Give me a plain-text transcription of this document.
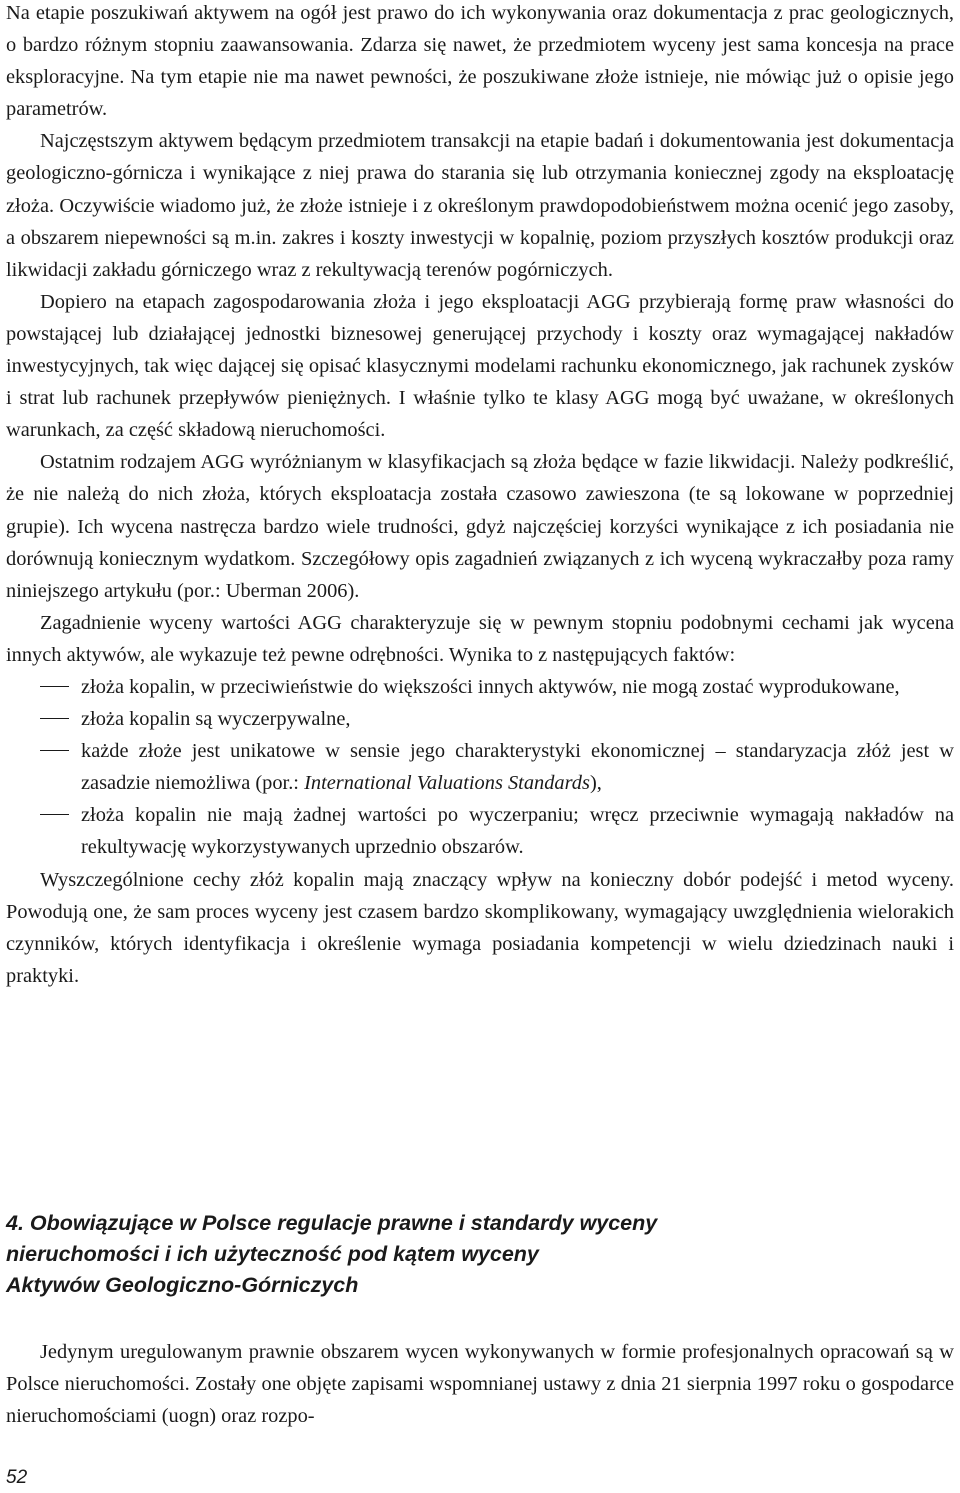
Na etapie poszukiwań aktywem na ogół jest prawo do ich wykonywania oraz dokumentacja z prac geologicznych, o bardzo różnym stopniu zaawansowania. Zdarza się nawet, że przedmiotem wyceny jest sama koncesja na prace eksploracyjne. Na tym etapie nie ma nawet pewności, że poszukiwane złoże istnieje, nie mówiąc już o opisie jego parametrów.

Najczęstszym aktywem będącym przedmiotem transakcji na etapie badań i dokumentowania jest dokumentacja geologiczno-górnicza i wynikające z niej prawa do starania się lub otrzymania koniecznej zgody na eksploatację złoża. Oczywiście wiadomo już, że złoże istnieje i z określonym prawdopodobieństwem można ocenić jego zasoby, a obszarem niepewności są m.in. zakres i koszty inwestycji w kopalnię, poziom przyszłych kosztów produkcji oraz likwidacji zakładu górniczego wraz z rekultywacją terenów pogórniczych.

Dopiero na etapach zagospodarowania złoża i jego eksploatacji AGG przybierają formę praw własności do powstającej lub działającej jednostki biznesowej generującej przychody i koszty oraz wymagającej nakładów inwestycyjnych, tak więc dającej się opisać klasycznymi modelami rachunku ekonomicznego, jak rachunek zysków i strat lub rachunek przepływów pieniężnych. I właśnie tylko te klasy AGG mogą być uważane, w określonych warunkach, za część składową nieruchomości.

Ostatnim rodzajem AGG wyróżnianym w klasyfikacjach są złoża będące w fazie likwidacji. Należy podkreślić, że nie należą do nich złoża, których eksploatacja została czasowo zawieszona (te są lokowane w poprzedniej grupie). Ich wycena nastręcza bardzo wiele trudności, gdyż najczęściej korzyści wynikające z ich posiadania nie dorównują koniecznym wydatkom. Szczegółowy opis zagadnień związanych z ich wyceną wykraczałby poza ramy niniejszego artykułu (por.: Uberman 2006).

Zagadnienie wyceny wartości AGG charakteryzuje się w pewnym stopniu podobnymi cechami jak wycena innych aktywów, ale wykazuje też pewne odrębności. Wynika to z następujących faktów:

złoża kopalin, w przeciwieństwie do większości innych aktywów, nie mogą zostać wyprodukowane,
złoża kopalin są wyczerpywalne,
każde złoże jest unikatowe w sensie jego charakterystyki ekonomicznej – standaryzacja złóż jest w zasadzie niemożliwa (por.: International Valuations Standards),
złoża kopalin nie mają żadnej wartości po wyczerpaniu; wręcz przeciwnie wymagają nakładów na rekultywację wykorzystywanych uprzednio obszarów.

Wyszczególnione cechy złóż kopalin mają znaczący wpływ na konieczny dobór podejść i metod wyceny. Powodują one, że sam proces wyceny jest czasem bardzo skomplikowany, wymagający uwzględnienia wielorakich czynników, których identyfikacja i określenie wymaga posiadania kompetencji w wielu dziedzinach nauki i praktyki.

4. Obowiązujące w Polsce regulacje prawne i standardy wyceny
nieruchomości i ich użyteczność pod kątem wyceny
Aktywów Geologiczno-Górniczych

Jedynym uregulowanym prawnie obszarem wycen wykonywanych w formie profesjonalnych opracowań są w Polsce nieruchomości. Zostały one objęte zapisami wspomnianej ustawy z dnia 21 sierpnia 1997 roku o gospodarce nieruchomościami (uogn) oraz rozpo-

52
